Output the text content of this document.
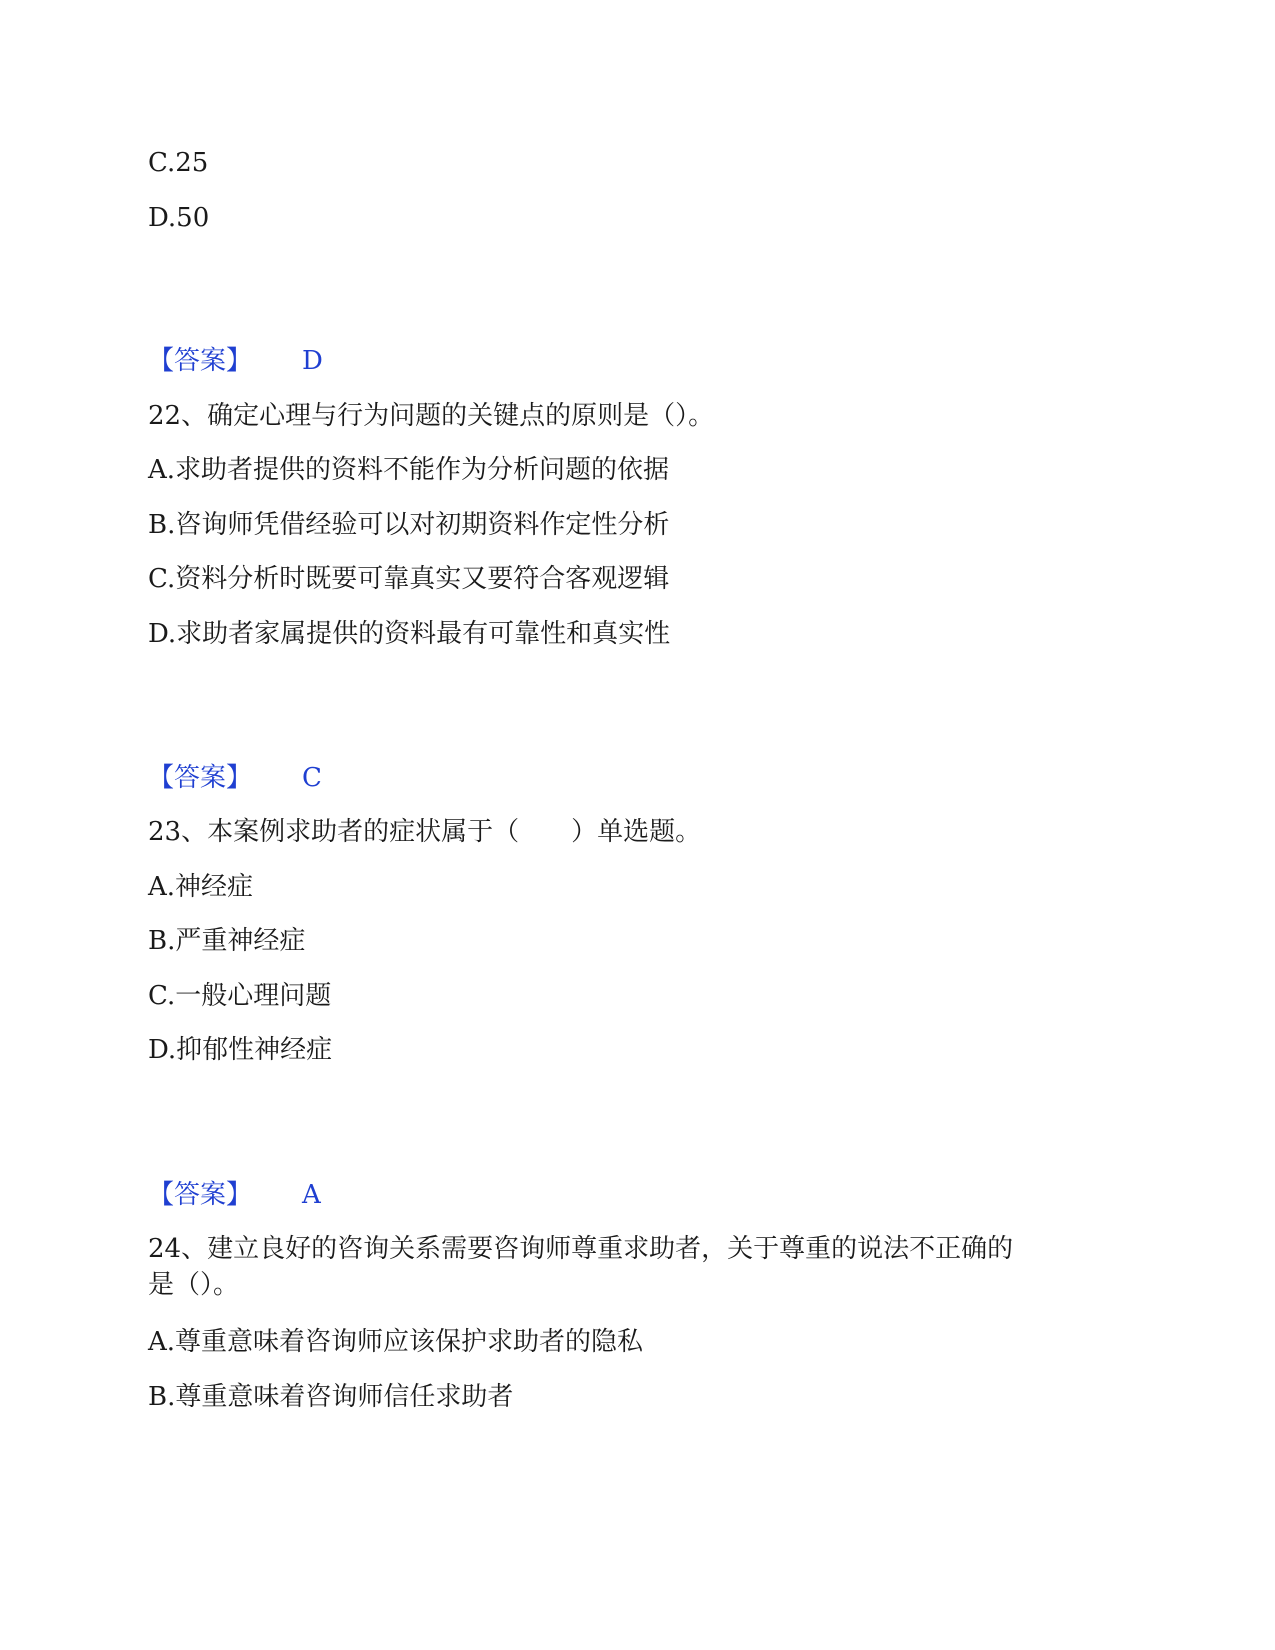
C.25
D.50
【答案】 D
22、确定心理与行为问题的关键点的原则是（）。
A.求助者提供的资料不能作为分析问题的依据
B.咨询师凭借经验可以对初期资料作定性分析
C.资料分析时既要可靠真实又要符合客观逻辑
D.求助者家属提供的资料最有可靠性和真实性
【答案】 C
23、本案例求助者的症状属于（　　）单选题。
A.神经症
B.严重神经症
C.一般心理问题
D.抑郁性神经症
【答案】 A
24、建立良好的咨询关系需要咨询师尊重求助者，关于尊重的说法不正确的
是（）。
A.尊重意味着咨询师应该保护求助者的隐私
B.尊重意味着咨询师信任求助者
